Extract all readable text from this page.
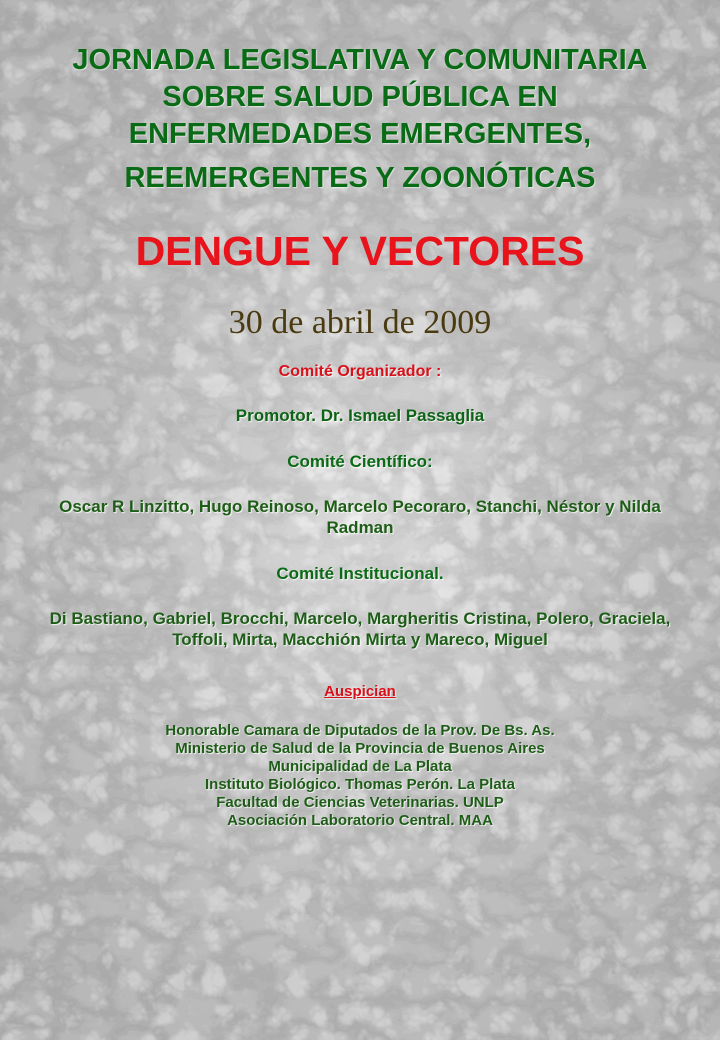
JORNADA LEGISLATIVA Y COMUNITARIA
SOBRE SALUD PÚBLICA EN
ENFERMEDADES EMERGENTES,
REEMERGENTES Y ZOONÓTICAS
DENGUE Y VECTORES
30 de abril de 2009
Comité Organizador :
Promotor. Dr. Ismael Passaglia
Comité Científico:
Oscar R Linzitto, Hugo Reinoso, Marcelo Pecoraro, Stanchi, Néstor y Nilda Radman
Comité Institucional.
Di Bastiano, Gabriel, Brocchi, Marcelo, Margheritis Cristina, Polero, Graciela, Toffoli, Mirta, Macchión Mirta y Mareco, Miguel
Auspician
Honorable Camara de Diputados de la Prov. De Bs. As.
Ministerio de Salud de la Provincia de Buenos Aires
Municipalidad de La Plata
Instituto Biológico. Thomas Perón. La Plata
Facultad de Ciencias Veterinarias. UNLP
Asociación Laboratorio Central. MAA
